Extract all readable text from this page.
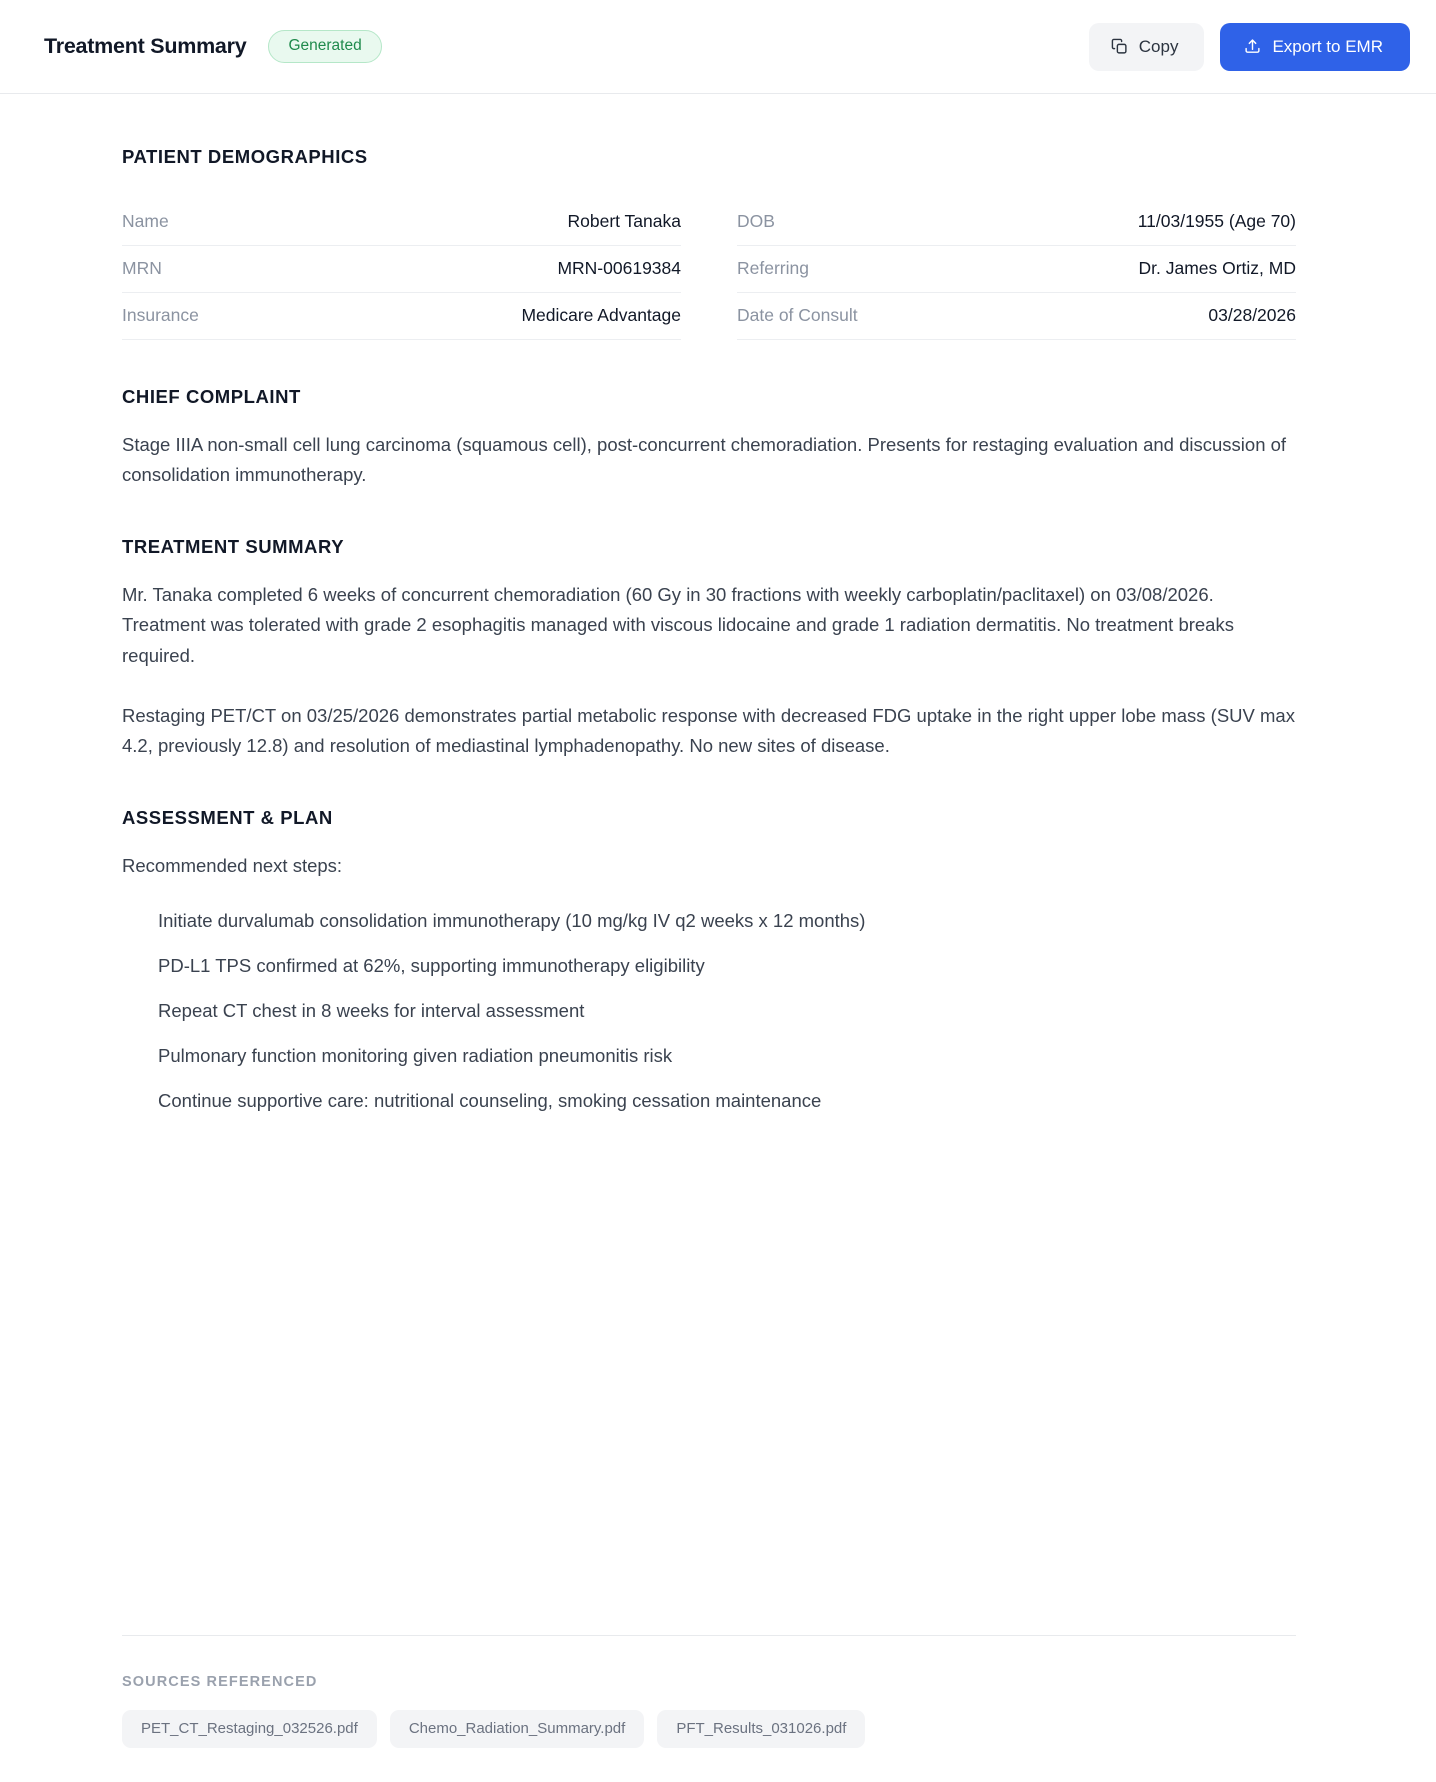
Treatment Summary	Generated	Copy	Export to EMR
PATIENT DEMOGRAPHICS
Name	Robert Tanaka
MRN	MRN-00619384
Insurance	Medicare Advantage
DOB	11/03/1955 (Age 70)
Referring	Dr. James Ortiz, MD
Date of Consult	03/28/2026
CHIEF COMPLAINT

Stage IIIA non-small cell lung carcinoma (squamous cell), post-concurrent chemoradiation. Presents for restaging evaluation and discussion of consolidation immunotherapy.

TREATMENT SUMMARY

Mr. Tanaka completed 6 weeks of concurrent chemoradiation (60 Gy in 30 fractions with weekly carboplatin/paclitaxel) on 03/08/2026. Treatment was tolerated with grade 2 esophagitis managed with viscous lidocaine and grade 1 radiation dermatitis. No treatment breaks required.

Restaging PET/CT on 03/25/2026 demonstrates partial metabolic response with decreased FDG uptake in the right upper lobe mass (SUV max 4.2, previously 12.8) and resolution of mediastinal lymphadenopathy. No new sites of disease.

ASSESSMENT & PLAN

Recommended next steps:

Initiate durvalumab consolidation immunotherapy (10 mg/kg IV q2 weeks x 12 months)
PD-L1 TPS confirmed at 62%, supporting immunotherapy eligibility
Repeat CT chest in 8 weeks for interval assessment
Pulmonary function monitoring given radiation pneumonitis risk
Continue supportive care: nutritional counseling, smoking cessation maintenance
SOURCES REFERENCED
PET_CT_Restaging_032526.pdf	Chemo_Radiation_Summary.pdf	PFT_Results_031026.pdf
